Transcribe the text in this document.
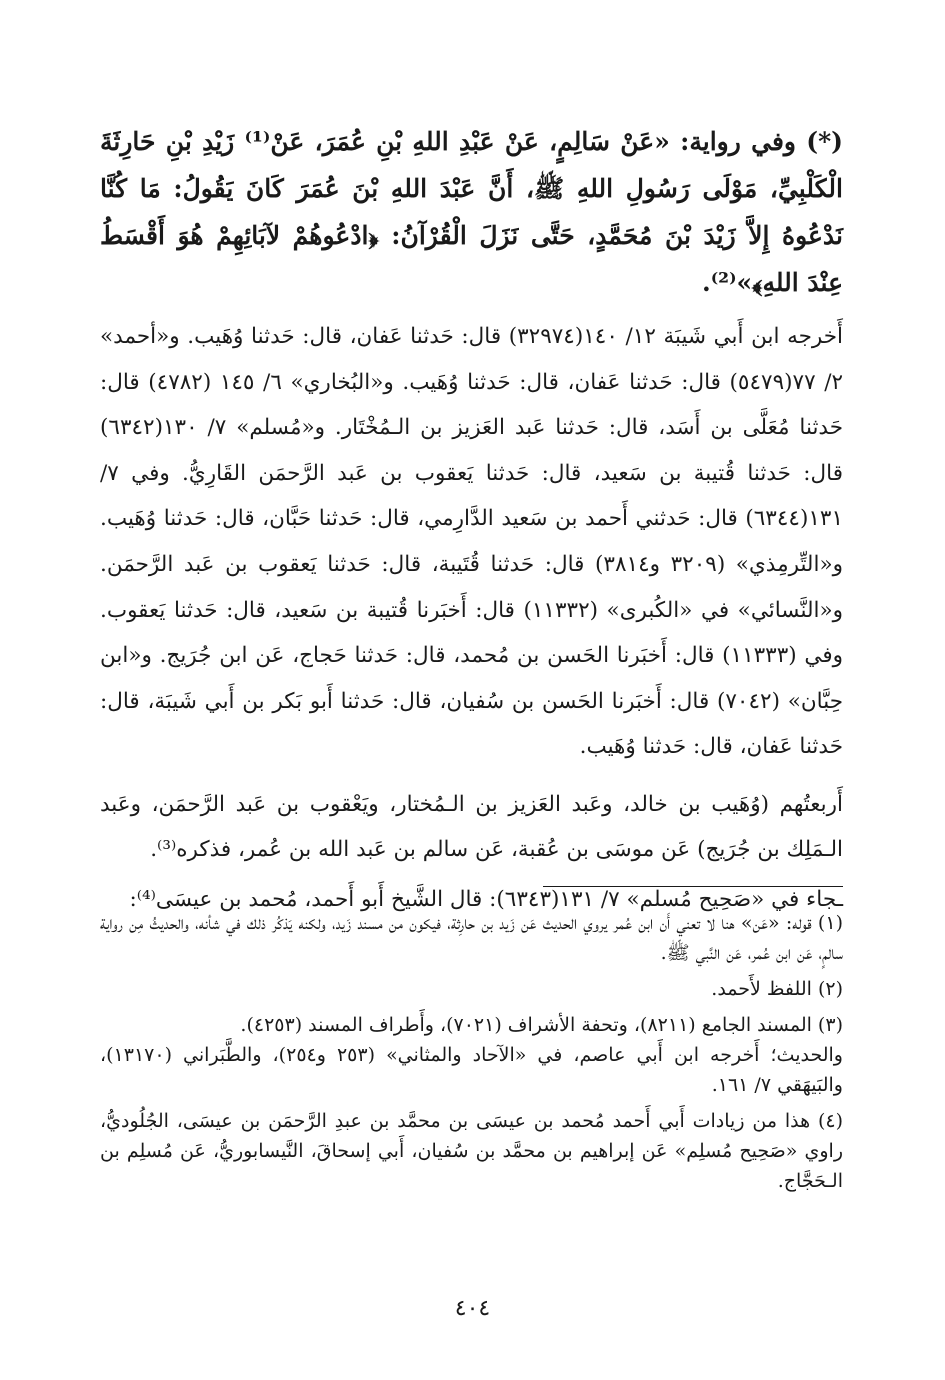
(*) وفي رواية: «عَنْ سَالِمٍ، عَنْ عَبْدِ اللهِ بْنِ عُمَرَ، عَنْ⁽¹⁾ زَيْدِ بْنِ حَارِثَةَ الْكَلْبِيِّ، مَوْلَى رَسُولِ اللهِ ﷺ، أَنَّ عَبْدَ اللهِ بْنَ عُمَرَ كَانَ يَقُولُ: مَا كُنَّا نَدْعُوهُ إِلاَّ زَيْدَ بْنَ مُحَمَّدٍ، حَتَّى نَزَلَ الْقُرْآنُ: ﴿ادْعُوهُمْ لآبَائِهِمْ هُوَ أَقْسَطُ عِنْدَ اللهِ﴾»⁽²⁾.

أَخرجه ابن أَبي شَيبَة ١٢/ ١٤٠(٣٢٩٧٤) قال: حَدثنا عَفان، قال: حَدثنا وُهَيب. و«أحمد» ٢/ ٧٧(٥٤٧٩) قال: حَدثنا عَفان، قال: حَدثنا وُهَيب. و«البُخاري» ٦/ ١٤٥ (٤٧٨٢) قال: حَدثنا مُعَلَّى بن أَسَد، قال: حَدثنا عَبد العَزيز بن الـمُخْتَار. و«مُسلم» ٧/ ١٣٠(٦٣٤٢) قال: حَدثنا قُتيبة بن سَعيد، قال: حَدثنا يَعقوب بن عَبد الرَّحمَن القَارِيُّ. وفي ٧/ ١٣١(٦٣٤٤) قال: حَدثني أَحمد بن سَعيد الدَّارِمي، قال: حَدثنا حَبَّان، قال: حَدثنا وُهَيب. و«التِّرمِذي» (٣٢٠٩ و٣٨١٤) قال: حَدثنا قُتَيبة، قال: حَدثنا يَعقوب بن عَبد الرَّحمَن. و«النَّسائي» في «الكُبرى» (١١٣٣٢) قال: أَخبَرنا قُتيبة بن سَعيد، قال: حَدثنا يَعقوب. وفي (١١٣٣٣) قال: أَخبَرنا الحَسن بن مُحمد، قال: حَدثنا حَجاج، عَن ابن جُرَيج. و«ابن حِبَّان» (٧٠٤٢) قال: أَخبَرنا الحَسن بن سُفيان، قال: حَدثنا أَبو بَكر بن أَبي شَيبَة، قال: حَدثنا عَفان، قال: حَدثنا وُهَيب.

أَربعتُهم (وُهَيب بن خالد، وعَبد العَزيز بن الـمُختار، ويَعْقوب بن عَبد الرَّحمَن، وعَبد الـمَلِك بن جُرَيج) عَن موسَى بن عُقبة، عَن سالم بن عَبد الله بن عُمر، فذكره⁽³⁾.

ـجاء في «صَحِيح مُسلم» ٧/ ١٣١(٦٣٤٣): قال الشَّيخ أَبو أَحمد، مُحمد بن عيسَى⁽⁴⁾:

(١) قوله: «عَن» هنا لا تعني أَن ابن عُمر يروي الحديث عَن زَيد بن حارِثة، فيكون من مسند زَيد، ولكنه يَذكُر ذلك في شأنه، والحديثُ مِن رواية سالمٍ، عَن ابن عُمر، عَن النَّبي ﷺ.

(٢) اللفظ لأَحمد.

(٣) المسند الجامع (٨٢١١)، وتحفة الأشراف (٧٠٢١)، وأَطراف المسند (٤٢٥٣).

والحديث؛ أَخرجه ابن أَبي عاصم، في «الآحاد والمثاني» (٢٥٣ و٢٥٤)، والطَّبَراني (١٣١٧٠)، والبَيهَقي ٧/ ١٦١.

(٤) هذا من زيادات أَبي أَحمد مُحمد بن عيسَى بن محمَّد بن عبدِ الرَّحمَن بن عيسَى، الجُلُوديُّ، راوي «صَحِيح مُسلِم» عَن إبراهيم بن محمَّد بن سُفيان، أَبي إسحاقَ، النَّيسابوريُّ، عَن مُسلِم بن الـحَجَّاج.

٤٠٤
